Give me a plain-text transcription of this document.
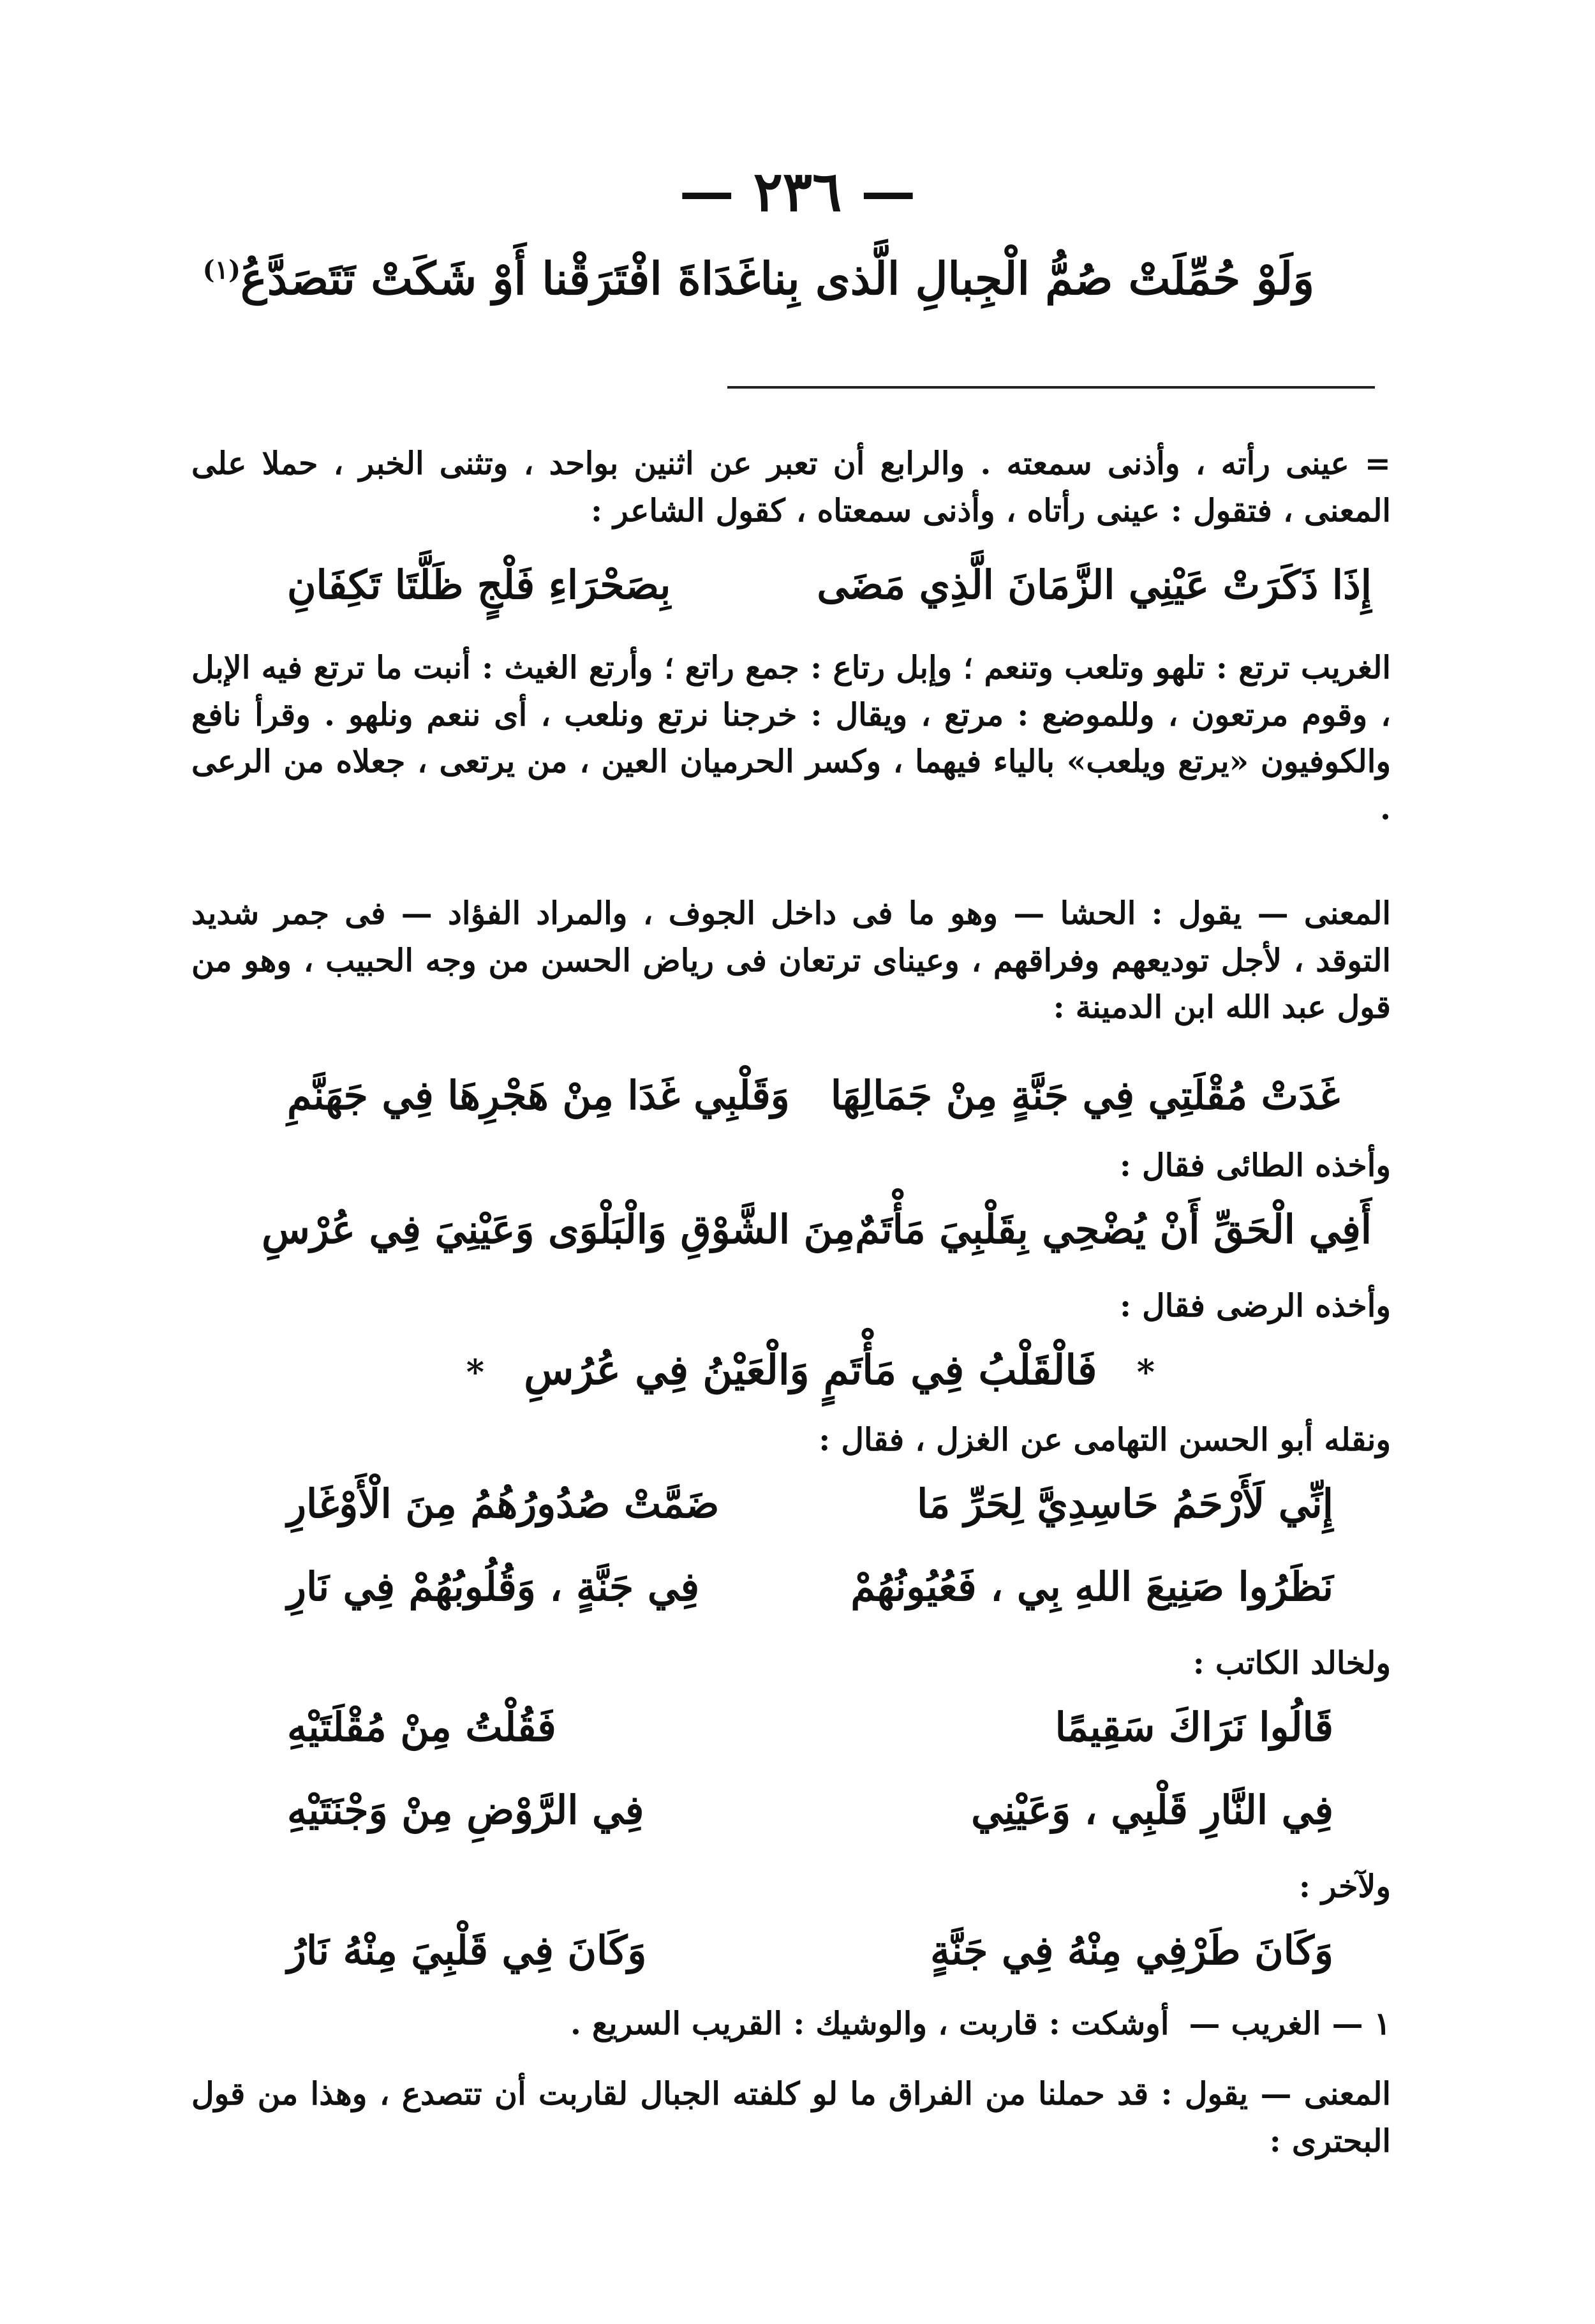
— ٢٣٦ —
وَلَوْ حُمِّلَتْ صُمُّ الْجِبالِ الَّذى بِنا
غَدَاةَ افْتَرَقْنا أَوْ شَكَتْ تَتَصَدَّعُ$^{(١)}$
= عينى رأته ، وأذنى سمعته . والرابع أن تعبر عن اثنين بواحد ، وتثنى الخبر ، حملا على المعنى ، فتقول : عينى رأتاه ، وأذنى سمعتاه ، كقول الشاعر :
إِذَا ذَكَرَتْ عَيْنِي الزَّمَانَ الَّذِي مَضَى
بِصَحْرَاءِ فَلْجٍ ظَلَّتَا تَكِفَانِ
الغريب ترتع : تلهو وتلعب وتنعم ؛ وإبل رتاع : جمع راتع ؛ وأرتع الغيث : أنبت ما ترتع فيه الإبل ، وقوم مرتعون ، وللموضع : مرتع ، ويقال : خرجنا نرتع ونلعب ، أى ننعم ونلهو . وقرأ نافع والكوفيون «يرتع ويلعب» بالياء فيهما ، وكسر الحرميان العين ، من يرتعى ، جعلاه من الرعى .
المعنى — يقول : الحشا — وهو ما فى داخل الجوف ، والمراد الفؤاد — فى جمر شديد التوقد ، لأجل توديعهم وفراقهم ، وعيناى ترتعان فى رياض الحسن من وجه الحبيب ، وهو من قول عبد الله ابن الدمينة :
غَدَتْ مُقْلَتِي فِي جَنَّةٍ مِنْ جَمَالِهَا
وَقَلْبِي غَدَا مِنْ هَجْرِهَا فِي جَهَنَّمِ
وأخذه الطائى فقال :
أَفِي الْحَقِّ أَنْ يُضْحِي بِقَلْبِيَ مَأْتَمٌ
مِنَ الشَّوْقِ وَالْبَلْوَى وَعَيْنِيَ فِي عُرْسِ
وأخذه الرضى فقال :
* فَالْقَلْبُ فِي مَأْتَمٍ وَالْعَيْنُ فِي عُرُسِ *
ونقله أبو الحسن التهامى عن الغزل ، فقال :
إِنِّي لَأَرْحَمُ حَاسِدِيَّ لِحَرِّ مَا
ضَمَّتْ صُدُورُهُمُ مِنَ الْأَوْغَارِ
نَظَرُوا صَنِيعَ اللهِ بِي ، فَعُيُونُهُمْ
فِي جَنَّةٍ ، وَقُلُوبُهُمْ فِي نَارِ
ولخالد الكاتب :
قَالُوا نَرَاكَ سَقِيمًا
فَقُلْتُ مِنْ مُقْلَتَيْهِ
فِي النَّارِ قَلْبِي ، وَعَيْنِي
فِي الرَّوْضِ مِنْ وَجْنَتَيْهِ
ولآخر :
وَكَانَ طَرْفِي مِنْهُ فِي جَنَّةٍ
وَكَانَ فِي قَلْبِيَ مِنْهُ نَارُ
١ — الغريب — أوشكت : قاربت ، والوشيك : القريب السريع .
المعنى — يقول : قد حملنا من الفراق ما لو كلفته الجبال لقاربت أن تتصدع ، وهذا من قول البحترى :
